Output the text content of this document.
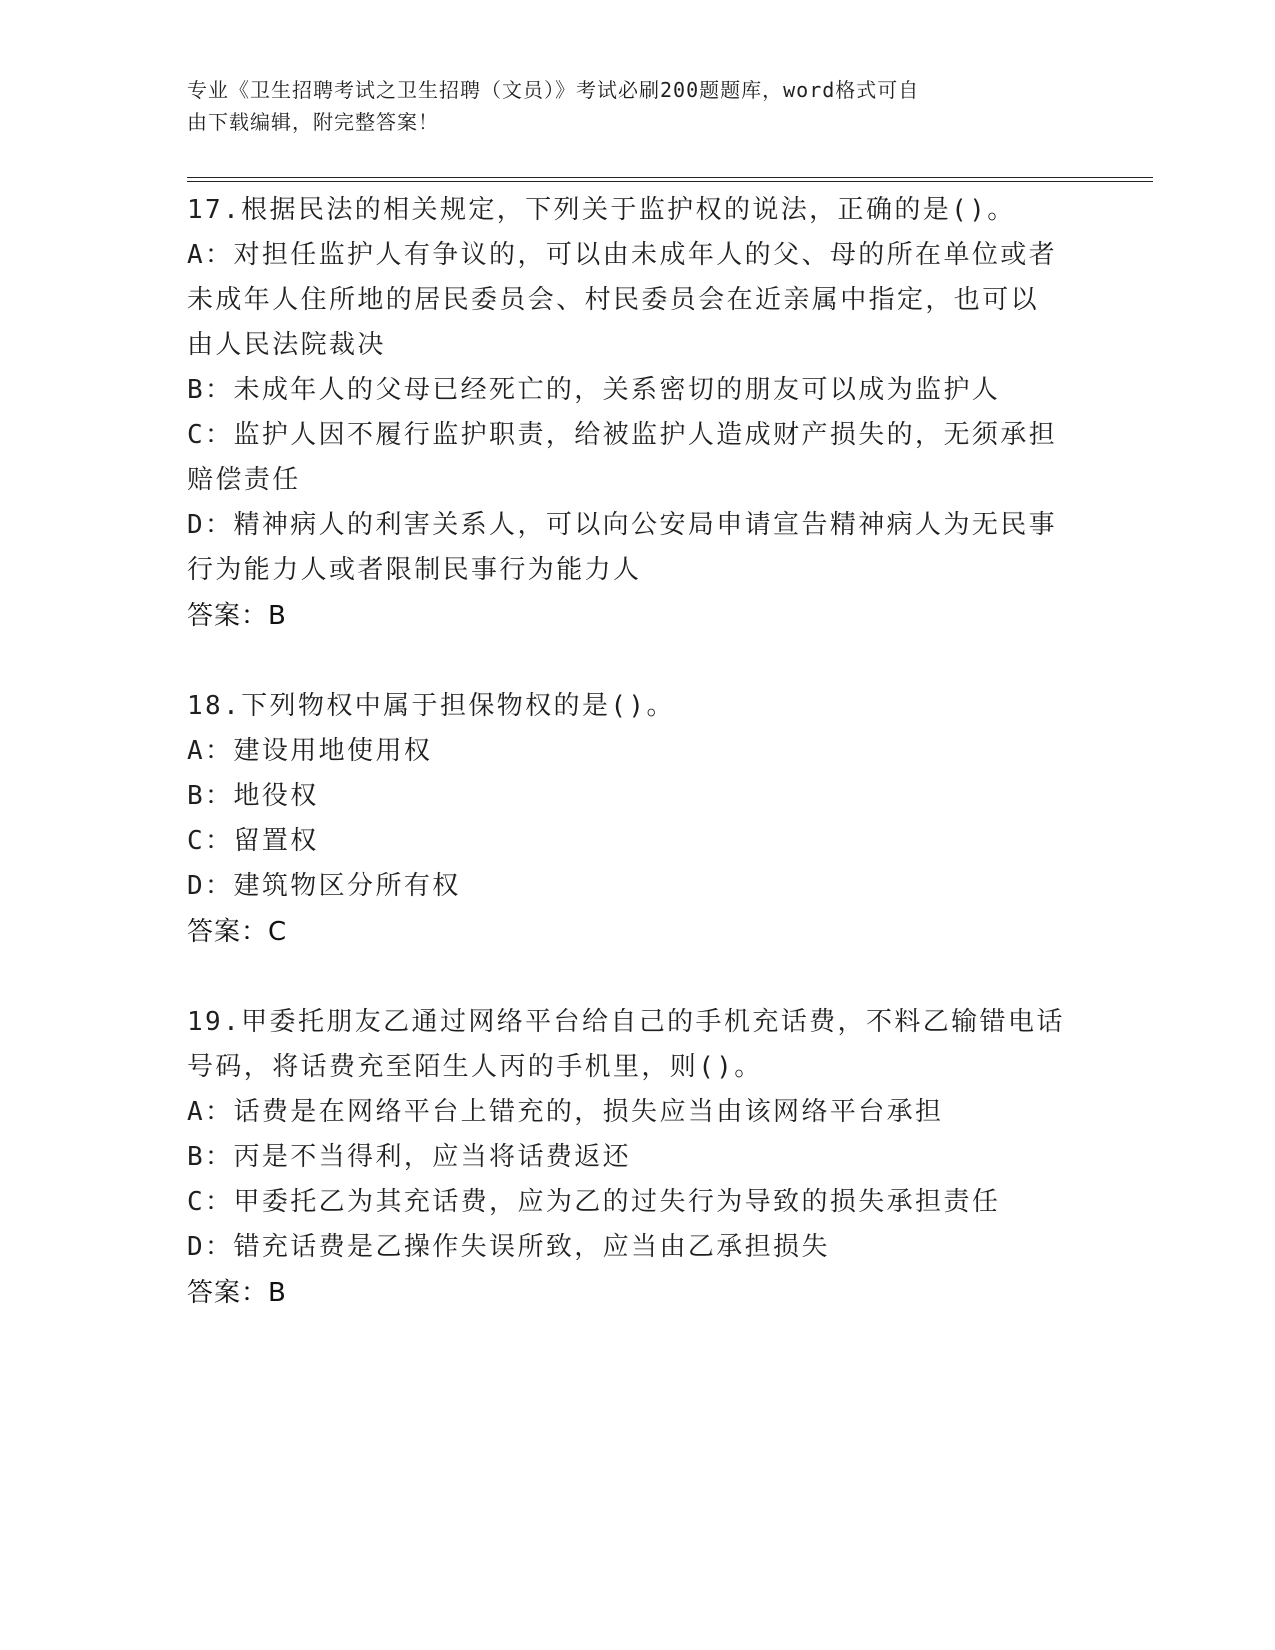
专业《卫生招聘考试之卫生招聘（文员）》考试必刷200题题库，word格式可自
由下载编辑，附完整答案！
17.根据民法的相关规定，下列关于监护权的说法，正确的是()。
A：对担任监护人有争议的，可以由未成年人的父、母的所在单位或者
未成年人住所地的居民委员会、村民委员会在近亲属中指定，也可以
由人民法院裁决
B：未成年人的父母已经死亡的，关系密切的朋友可以成为监护人
C：监护人因不履行监护职责，给被监护人造成财产损失的，无须承担
赔偿责任
D：精神病人的利害关系人，可以向公安局申请宣告精神病人为无民事
行为能力人或者限制民事行为能力人
答案：B
18.下列物权中属于担保物权的是()。
A：建设用地使用权
B：地役权
C：留置权
D：建筑物区分所有权
答案：C
19.甲委托朋友乙通过网络平台给自己的手机充话费，不料乙输错电话
号码，将话费充至陌生人丙的手机里，则()。
A：话费是在网络平台上错充的，损失应当由该网络平台承担
B：丙是不当得利，应当将话费返还
C：甲委托乙为其充话费，应为乙的过失行为导致的损失承担责任
D：错充话费是乙操作失误所致，应当由乙承担损失
答案：B
